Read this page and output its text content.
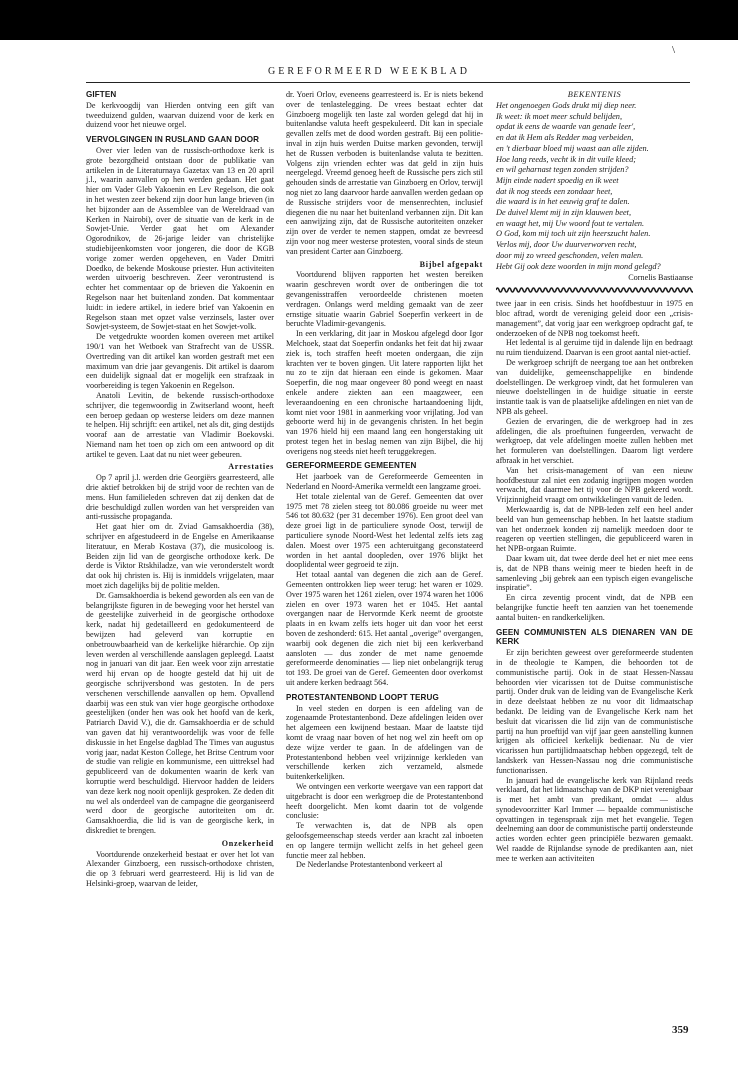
\
GEREFORMEERD WEEKBLAD
GIFTEN

De kerkvoogdij van Hierden ontving een gift van tweeduizend gulden, waarvan duizend voor de kerk en duizend voor het nieuwe orgel.

VERVOLGINGEN IN RUSLAND GAAN DOOR

Over vier leden van de russisch-orthodoxe kerk is grote bezorgdheid ontstaan door de publikatie van artikelen in de Literaturnaya Gazetax van 13 en 20 april j.l., waarin aanvallen op hen werden gedaan. Het gaat hier om Vader Gleb Yakoenin en Lev Regelson, die ook in het westen zeer bekend zijn door hun lange brieven (in het bijzonder aan de Assemblee van de Wereldraad van Kerken in Nairobi), over de situatie van de kerk in de Sowjet-Unie. Verder gaat het om Alexander Ogorodnikov, de 26-jarige leider van christelijke studiebijeenkomsten voor jongeren, die door de KGB vorige zomer werden opgeheven, en Vader Dmitri Doedko, de bekende Moskouse priester. Hun activiteiten werden uitvoerig beschreven. Zeer verontrustend is echter het commentaar op de brieven die Yakoenin en Regelson naar het buitenland zonden. Dat kommentaar luidt: in iedere artikel, in iedere brief van Yakoenin en Regelson staan met opzet valse verzinsels, laster over Sowjet-systeem, de Sowjet-staat en het Sowjet-volk.

De vetgedrukte woorden komen overeen met artikel 190/1 van het Wetboek van Strafrecht van de USSR. Overtreding van dit artikel kan worden gestraft met een maximum van drie jaar gevangenis. Dit artikel is daarom een duidelijk signaal dat er mogelijk een strafzaak in voorbereiding is tegen Yakoenin en Regelson.

Anatoli Levitin, de bekende russisch-orthodoxe schrijver, die tegenwoordig in Zwitserland woont, heeft een beroep gedaan op westerse leiders om deze mannen te helpen. Hij schrijft: een artikel, net als dit, ging destijds vooraf aan de arrestatie van Vladimir Boekovski. Niemand nam het toen op zich om een antwoord op dit artikel te geven. Laat dat nu niet weer gebeuren.

Arrestaties

Op 7 april j.l. werden drie Georgiërs gearresteerd, alle drie aktief betrokken bij de strijd voor de rechten van de mens. Hun familieleden schreven dat zij denken dat de drie beschuldigd zullen worden van het verspreiden van anti-russische propaganda.

Het gaat hier om dr. Zviad Gamsakhoerdia (38), schrijver en afgestudeerd in de Engelse en Amerikaanse literatuur, en Merab Kostava (37), die musicoloog is. Beiden zijn lid van de georgische orthodoxe kerk. De derde is Viktor Rtskhiladze, van wie veronderstelt wordt dat ook hij christen is. Hij is inmiddels vrijgelaten, maar moet zich dagelijks bij de politie melden.

Dr. Gamsakhoerdia is bekend geworden als een van de belangrijkste figuren in de beweging voor het herstel van de geestelijke zuiverheid in de georgische orthodoxe kerk, nadat hij gedetailleerd en gedokumenteerd de bewijzen had geleverd van korruptie en onbetrouwbaarheid van de kerkelijke hiërarchie. Op zijn leven werden al verschillende aanslagen gepleegd. Laatst nog in januari van dit jaar. Een week voor zijn arrestatie werd hij ervan op de hoogte gesteld dat hij uit de georgische schrijversbond was gestoten. In de pers verschenen verschillende aanvallen op hem. Opvallend daarbij was een stuk van vier hoge georgische orthodoxe geestelijken (onder hen was ook het hoofd van de kerk, Patriarch David V.), die dr. Gamsakhoerdia er de schuld van gaven dat hij verantwoordelijk was voor de felle diskussie in het Engelse dagblad The Times van augustus vorig jaar, nadat Keston College, het Britse Centrum voor de studie van religie en kommunisme, een uittreksel had gepubliceerd van de dokumenten waarin de kerk van korruptie werd beschuldigd. Hiervoor hadden de leiders van deze kerk nog nooit openlijk gesproken. Ze deden dit nu wel als onderdeel van de campagne die georganiseerd werd door de georgische autoriteiten om dr. Gamsakhoerdia, die lid is van de georgische kerk, in diskrediet te brengen.

Onzekerheid

Voortdurende onzekerheid bestaat er over het lot van Alexander Ginzboerg, een russisch-orthodoxe christen, die op 3 februari werd gearresteerd. Hij is lid van de Helsinki-groep, waarvan de leider,

dr. Yoeri Orlov, eveneens gearresteerd is. Er is niets bekend over de tenlastelegging. De vrees bestaat echter dat Ginzboerg mogelijk ten laste zal worden gelegd dat hij in buitenlandse valuta heeft gespekuleerd. Dit kan in speciale gevallen zelfs met de dood worden gestraft. Bij een politie-inval in zijn huis werden Duitse marken gevonden, terwijl het de Russen verboden is buitenlandse valuta te bezitten. Volgens zijn vrienden echter was dat geld in zijn huis neergelegd. Vreemd genoeg heeft de Russische pers zich stil gehouden sinds de arrestatie van Ginzboerg en Orlov, terwijl nog niet zo lang daarvoor harde aanvallen werden gedaan op de Russische strijders voor de mensenrechten, inclusief diegenen die nu naar het buitenland verbannen zijn. Dit kan een aanwijzing zijn, dat de Russische autoriteiten onzeker zijn over de verder te nemen stappen, omdat ze bevreesd zijn voor nog meer westerse protesten, vooral sinds de steun van president Carter aan Ginzboerg.

Bijbel afgepakt

Voortdurend blijven rapporten het westen bereiken waarin geschreven wordt over de ontberingen die tot gevangenisstraffen veroordeelde christenen moeten verdragen. Onlangs werd melding gemaakt van de zeer ernstige situatie waarin Gabriel Soeperfin verkeert in de beruchte Vladimir-gevangenis.

In een verklaring, dit jaar in Moskou afgelegd door Igor Melchoek, staat dat Soeperfin ondanks het feit dat hij zwaar ziek is, toch straffen heeft moeten ondergaan, die zijn krachten ver te boven gingen. Uit latere rapporten lijkt het nu zo te zijn dat hieraan een einde is gekomen. Maar Soeperfin, die nog maar ongeveer 80 pond weegt en naast enkele andere ziekten aan een maagzweer, een leveraandoening en een chronische hartaandoening lijdt, komt niet voor 1981 in aanmerking voor vrijlating. Jod van geboorte werd hij in de gevangenis christen. In het begin van 1976 hield hij een maand lang een hongerstaking uit protest tegen het in beslag nemen van zijn Bijbel, die hij overigens nog steeds niet heeft teruggekregen.

GEREFORMEERDE GEMEENTEN

Het jaarboek van de Gereformeerde Gemeenten in Nederland en Noord-Amerika vermeldt een langzame groei.

Het totale zielental van de Geref. Gemeenten dat over 1975 met 78 zielen steeg tot 80.086 groeide nu weer met 546 tot 80.632 (per 31 december 1976). Een groot deel van deze groei ligt in de particuliere synode Oost, terwijl de particuliere synode Noord-West het ledental zelfs iets zag dalen. Moest over 1975 een achteruitgang geconstateerd worden in het aantal doopleden, over 1976 blijkt het dooplidental weer gegroeid te zijn.

Het totaal aantal van degenen die zich aan de Geref. Gemeenten onttrokken liep weer terug: het waren er 1029. Over 1975 waren het 1261 zielen, over 1974 waren het 1006 zielen en over 1973 waren het er 1045. Het aantal overgangen naar de Hervormde Kerk neemt de grootste plaats in en kwam zelfs iets hoger uit dan voor het eerst boven de zeshonderd: 615. Het aantal „overige” overgangen, waarbij ook degenen die zich niet bij een kerkverband aansloten — dus zonder de met name genoemde gereformeerde denominaties — liep niet onbelangrijk terug tot 193. De groei van de Geref. Gemeenten door overkomst uit andere kerken bedraagt 564.

PROTESTANTENBOND LOOPT TERUG

In veel steden en dorpen is een afdeling van de zogenaamde Protestantenbond. Deze afdelingen leiden over het algemeen een kwijnend bestaan. Maar de laatste tijd komt de vraag naar boven of het nog wel zin heeft om op deze wijze verder te gaan. In de afdelingen van de Protestantenbond hebben veel vrijzinnige kerkleden van verschillende kerken zich verzameld, alsmede buitenkerkelijken.

We ontvingen een verkorte weergave van een rapport dat uitgebracht is door een werkgroep die de Protestantenbond heeft doorgelicht. Men komt daarin tot de volgende conclusie:

Te verwachten is, dat de NPB als open geloofsgemeenschap steeds verder aan kracht zal inboeten en op langere termijn wellicht zelfs in het geheel geen functie meer zal hebben.

De Nederlandse Protestantenbond verkeert al

BEKENTENIS
Het ongenoegen Gods drukt mij diep neer.
Ik weet: ik moet meer schuld belijden,
opdat ik eens de waarde van genade leer',
en dat ik Hem als Redder mag verbeiden,
en 't dierbaar bloed mij waast aan alle zijden.
Hoe lang reeds, vecht ik in dit vuile kleed;
en wil geharnast tegen zonden strijden?
Mijn einde nadert spoedig en ik weet
dat ik nog steeds een zondaar heet,
die waard is in het eeuwig graf te dalen.
De duivel klemt mij in zijn klauwen beet,
en waagt het, mij Uw woord fout te vertalen.
O God, kom mij toch uit zijn heerszucht halen.
Verlos mij, door Uw duurverworven recht,
door mij zo wreed geschonden, velen malen.
Hebt Gij ook deze woorden in mijn mond gelegd?
Cornelis Bastiaanse

twee jaar in een crisis. Sinds het hoofdbestuur in 1975 en bloc aftrad, wordt de vereniging geleid door een „crisis-management”, dat vorig jaar een werkgroep opdracht gaf, te onderzoeken of de NPB nog toekomst heeft.

Het ledental is al geruime tijd in dalende lijn en bedraagt nu ruim tienduizend. Daarvan is een groot aantal niet-actief.

De werkgroep schrijft de neergang toe aan het ontbreken van duidelijke, gemeenschappelijke en bindende doelstellingen. De werkgroep vindt, dat het formuleren van nieuwe doelstellingen in de huidige situatie in eerste instantie taak is van de plaatselijke afdelingen en niet van de NPB als geheel.

Gezien de ervaringen, die de werkgroep had in zes afdelingen, die als proeftuinen fungeerden, verwacht de werkgroep, dat vele afdelingen moeite zullen hebben met het formuleren van doelstellingen. Daarom ligt verdere afbraak in het verschiet.

Van het crisis-management of van een nieuw hoofdbestuur zal niet een zodanig ingrijpen mogen worden verwacht, dat daarmee het tij voor de NPB gekeerd wordt. Vrijzinnigheid vraagt om ontwikkelingen vanuit de leden.

Merkwaardig is, dat de NPB-leden zelf een heel ander beeld van hun gemeenschap hebben. In het laatste stadium van het onderzoek konden zij namelijk meedoen door te reageren op veertien stellingen, die gepubliceerd waren in het NPB-orgaan Ruimte.

Daar kwam uit, dat twee derde deel het er niet mee eens is, dat de NPB thans weinig meer te bieden heeft in de samenleving „bij gebrek aan een typisch eigen evangelische inspiratie”.

En circa zeventig procent vindt, dat de NPB een belangrijke functie heeft ten aanzien van het toenemende aantal buiten- en randkerkelijken.

GEEN COMMUNISTEN ALS DIENAREN VAN DE KERK

Er zijn berichten geweest over gereformeerde studenten in de theologie te Kampen, die behoorden tot de communistische partij. Ook in de staat Hessen-Nassau behoorden vier vicarissen tot de Duitse communistische partij. Onder druk van de leiding van de Evangelische Kerk in deze deelstaat hebben ze nu voor dit lidmaatschap bedankt. De leiding van de Evangelische Kerk nam het besluit dat vicarissen die lid zijn van de communistische partij na hun proeftijd van vijf jaar geen aanstelling kunnen krijgen als officieel kerkelijk bedienaar. Nu de vier vicarissen hun partijlidmaatschap hebben opgezegd, telt de landskerk van Hessen-Nassau nog drie communistische functionarissen.

In januari had de evangelische kerk van Rijnland reeds verklaard, dat het lidmaatschap van de DKP niet verenigbaar is met het ambt van predikant, omdat — aldus synodevoorzitter Karl Immer — bepaalde communistische opvattingen in tegenspraak zijn met het evangelie. Tegen deelneming aan door de communistische partij ondersteunde acties worden echter geen principiële bezwaren gemaakt. Wel raadde de Rijnlandse synode de predikanten aan, niet mee te werken aan activiteiten

359
